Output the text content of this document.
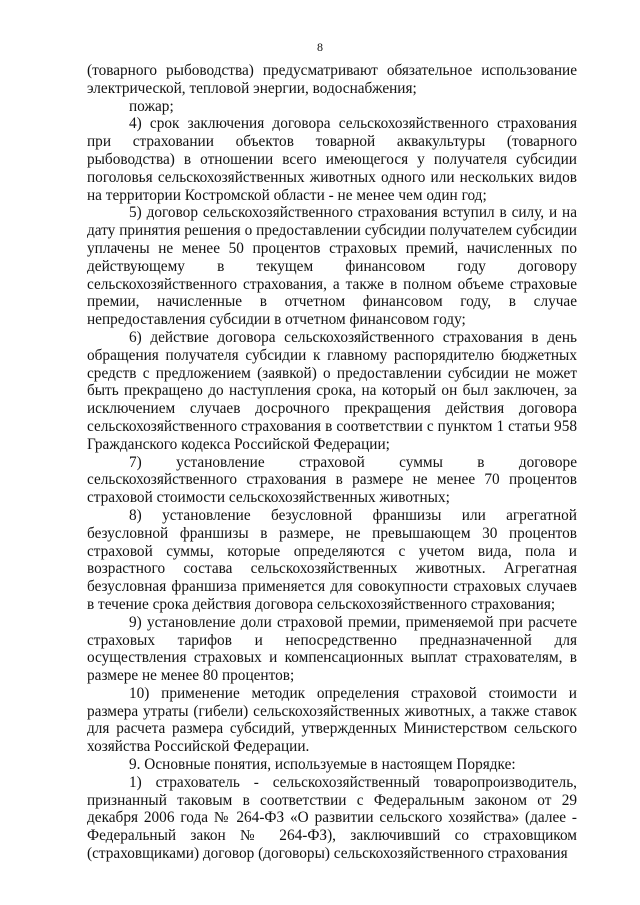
8

(товарного рыбоводства) предусматривают обязательное использование электрической, тепловой энергии, водоснабжения;

пожар;

4) срок заключения договора сельскохозяйственного страхования при страховании объектов товарной аквакультуры (товарного рыбоводства) в отношении всего имеющегося у получателя субсидии поголовья сельскохозяйственных животных одного или нескольких видов на территории Костромской области - не менее чем один год;

5) договор сельскохозяйственного страхования вступил в силу, и на дату принятия решения о предоставлении субсидии получателем субсидии уплачены не менее 50 процентов страховых премий, начисленных по действующему в текущем финансовом году договору сельскохозяйственного страхования, а также в полном объеме страховые премии, начисленные в отчетном финансовом году, в случае непредоставления субсидии в отчетном финансовом году;

6) действие договора сельскохозяйственного страхования в день обращения получателя субсидии к главному распорядителю бюджетных средств с предложением (заявкой) о предоставлении субсидии не может быть прекращено до наступления срока, на который он был заключен, за исключением случаев досрочного прекращения действия договора сельскохозяйственного страхования в соответствии с пунктом 1 статьи 958 Гражданского кодекса Российской Федерации;

7) установление страховой суммы в договоре сельскохозяйственного страхования в размере не менее 70 процентов страховой стоимости сельскохозяйственных животных;

8) установление безусловной франшизы или агрегатной безусловной франшизы в размере, не превышающем 30 процентов страховой суммы, которые определяются с учетом вида, пола и возрастного состава сельскохозяйственных животных. Агрегатная безусловная франшиза применяется для совокупности страховых случаев в течение срока действия договора сельскохозяйственного страхования;

9) установление доли страховой премии, применяемой при расчете страховых тарифов и непосредственно предназначенной для осуществления страховых и компенсационных выплат страхователям, в размере не менее 80 процентов;

10) применение методик определения страховой стоимости и размера утраты (гибели) сельскохозяйственных животных, а также ставок для расчета размера субсидий, утвержденных Министерством сельского хозяйства Российской Федерации.

9. Основные понятия, используемые в настоящем Порядке:

1) страхователь - сельскохозяйственный товаропроизводитель, признанный таковым в соответствии с Федеральным законом от 29 декабря 2006 года № 264-ФЗ «О развитии сельского хозяйства» (далее - Федеральный закон № 264-ФЗ), заключивший со страховщиком (страховщиками) договор (договоры) сельскохозяйственного страхования
